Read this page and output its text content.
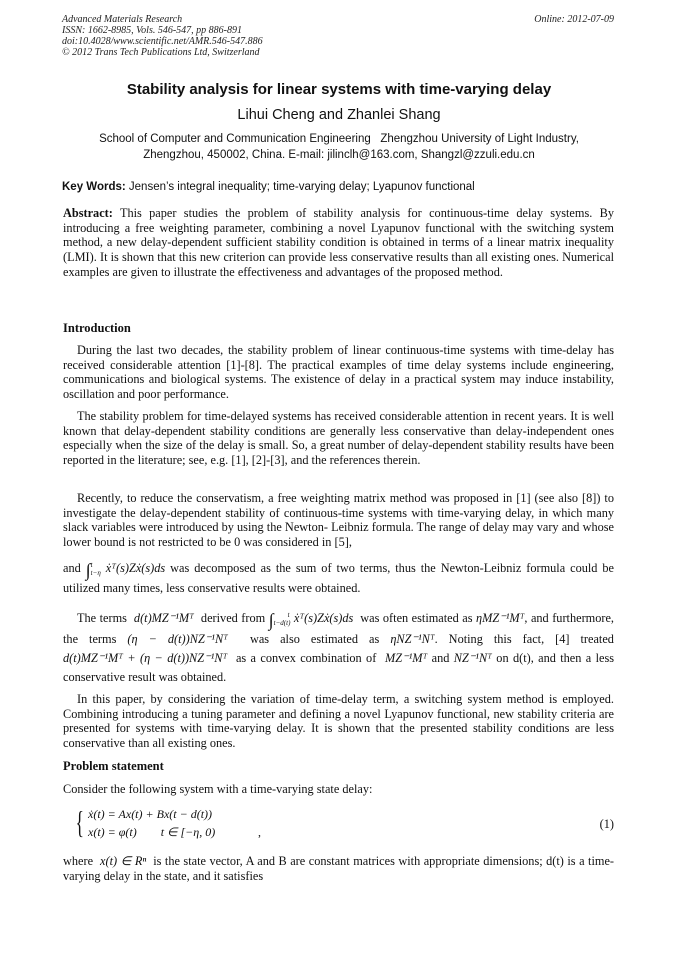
Advanced Materials Research
ISSN: 1662-8985, Vols. 546-547, pp 886-891
doi:10.4028/www.scientific.net/AMR.546-547.886
© 2012 Trans Tech Publications Ltd, Switzerland
Online: 2012-07-09
Stability analysis for linear systems with time-varying delay
Lihui Cheng and Zhanlei Shang
School of Computer and Communication Engineering   Zhengzhou University of Light Industry,
Zhengzhou, 450002, China. E-mail: jilinclh@163.com, Shangzl@zzuli.edu.cn
Key Words: Jensen’s integral inequality; time-varying delay; Lyapunov functional

Abstract: This paper studies the problem of stability analysis for continuous-time delay systems. By introducing a free weighting parameter, combining a novel Lyapunov functional with the switching system method, a new delay-dependent sufficient stability condition is obtained in terms of a linear matrix inequality (LMI). It is shown that this new criterion can provide less conservative results than all existing ones. Numerical examples are given to illustrate the effectiveness and advantages of the proposed method.

Introduction

During the last two decades, the stability problem of linear continuous-time systems with time-delay has received considerable attention [1]-[8]. The practical examples of time delay systems include engineering, communications and biological systems. The existence of delay in a practical system may induce instability, oscillation and poor performance.

The stability problem for time-delayed systems has received considerable attention in recent years. It is well known that delay-dependent stability conditions are generally less conservative than delay-independent ones especially when the size of the delay is small. So, a great number of delay-dependent stability results have been reported in the literature; see, e.g. [1], [2]-[3], and the references therein.

Recently, to reduce the conservatism, a free weighting matrix method was proposed in [1] (see also [8]) to investigate the delay-dependent stability of continuous-time systems with time-varying delay, in which many slack variables were introduced by using the Newton- Leibniz formula. The range of delay may vary and whose lower bound is not restricted to be 0 was considered in [5],

and ∫t
t−η ẋᵀ(s)Zẋ(s)ds was decomposed as the sum of two terms, thus the Newton-Leibniz formula could be utilized many times, less conservative results were obtained.

The terms d(t)MZ⁻¹Mᵀ derived from ∫ t
t−d(t) ẋᵀ(s)Zẋ(s)ds was often estimated as ηMZ⁻¹Mᵀ, and furthermore, the terms (η − d(t))NZ⁻¹Nᵀ was also estimated as ηNZ⁻¹Nᵀ. Noting this fact, [4] treated d(t)MZ⁻¹Mᵀ + (η − d(t))NZ⁻¹Nᵀ as a convex combination of MZ⁻¹Mᵀ and NZ⁻¹Nᵀ on d(t), and then a less conservative result was obtained.

In this paper, by considering the variation of time-delay term, a switching system method is employed. Combining introducing a tuning parameter and defining a novel Lyapunov functional, new stability criteria are presented for systems with time-varying delay. It is shown that the presented stability conditions are less conservative than all existing ones.

Problem statement

Consider the following system with a time-varying state delay:

{ ẋ(t) = Ax(t) + Bx(t − d(t))
x(t) = φ(t)        t ∈ [−η, 0)	,
(1)

where x(t) ∈ Rⁿ is the state vector, A and B are constant matrices with appropriate dimensions; d(t) is a time-varying delay in the state, and it satisfies
